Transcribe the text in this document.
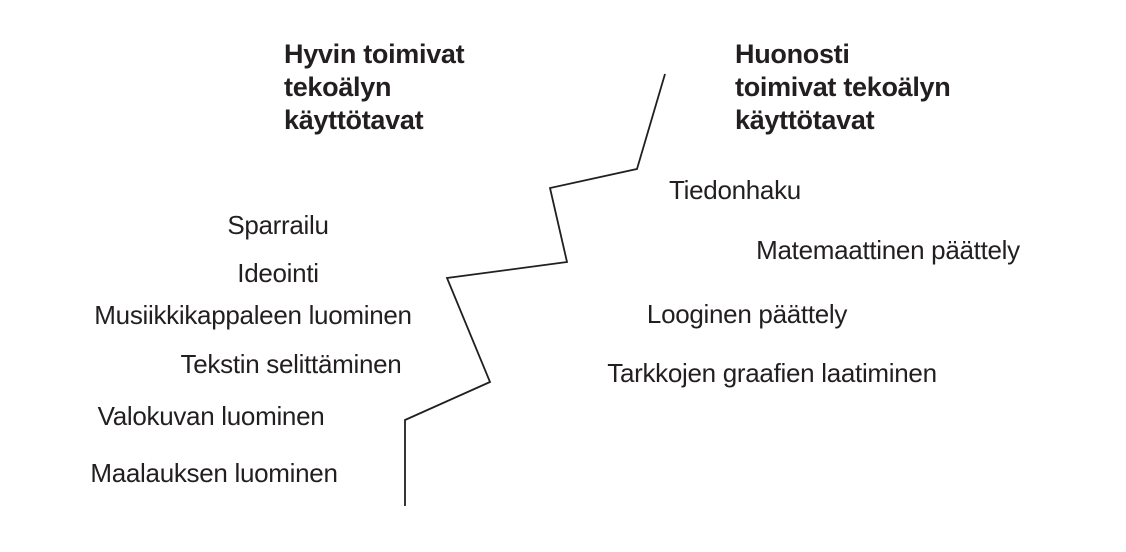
Hyvin toimivat
tekoälyn
käyttötavat
Huonosti
toimivat tekoälyn
käyttötavat
Sparrailu
Ideointi
Musiikkikappaleen luominen
Tekstin selittäminen
Valokuvan luominen
Maalauksen luominen
Tiedonhaku
Matemaattinen päättely
Looginen päättely
Tarkkojen graafien laatiminen
